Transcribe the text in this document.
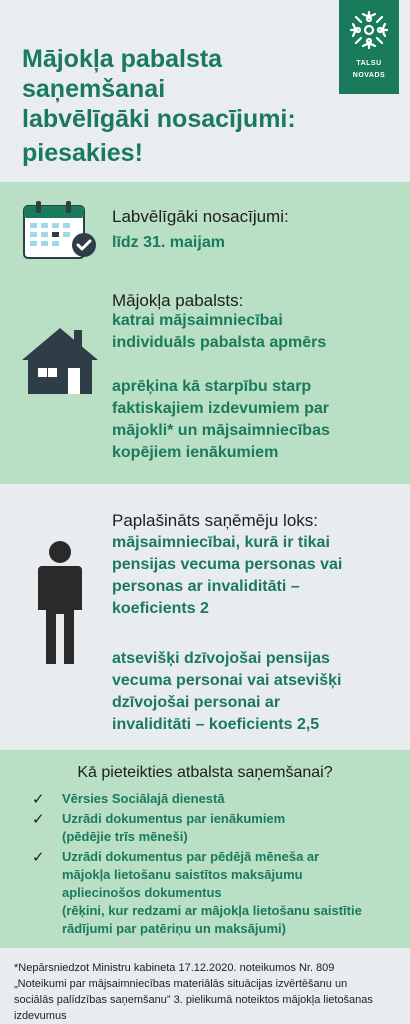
Mājokļa pabalsta
saņemšanai
labvēlīgāki nosacījumi:
piesakies!
TALSU
NOVADS
Labvēlīgāki nosacījumi:
līdz 31. maijam
Mājokļa pabalsts:
katrai mājsaimniecībai
individuāls pabalsta apmērs
aprēķina kā starpību starp
faktiskajiem izdevumiem par
mājokli* un mājsaimniecības
kopējiem ienākumiem
Paplašināts saņēmēju loks:
mājsaimniecībai, kurā ir tikai
pensijas vecuma personas vai
personas ar invaliditāti –
koeficients 2
atsevišķi dzīvojošai pensijas
vecuma personai vai atsevišķi
dzīvojošai personai ar
invaliditāti – koeficients 2,5
Kā pieteikties atbalsta saņemšanai?
✓ Vērsies Sociālajā dienestā
✓ Uzrādi dokumentus par ienākumiem
(pēdējie trīs mēneši)
✓ Uzrādi dokumentus par pēdējā mēneša ar
mājokļa lietošanu saistītos maksājumu
apliecinošos dokumentus
(rēķini, kur redzami ar mājokļa lietošanu saistītie
rādījumi par patēriņu un maksājumi)
*Nepārsniedzot Ministru kabineta 17.12.2020. noteikumos Nr. 809
„Noteikumi par mājsaimniecības materiālās situācijas izvērtēšanu un
sociālās palīdzības saņemšanu” 3. pielikumā noteiktos mājokļa lietošanas
izdevumus
